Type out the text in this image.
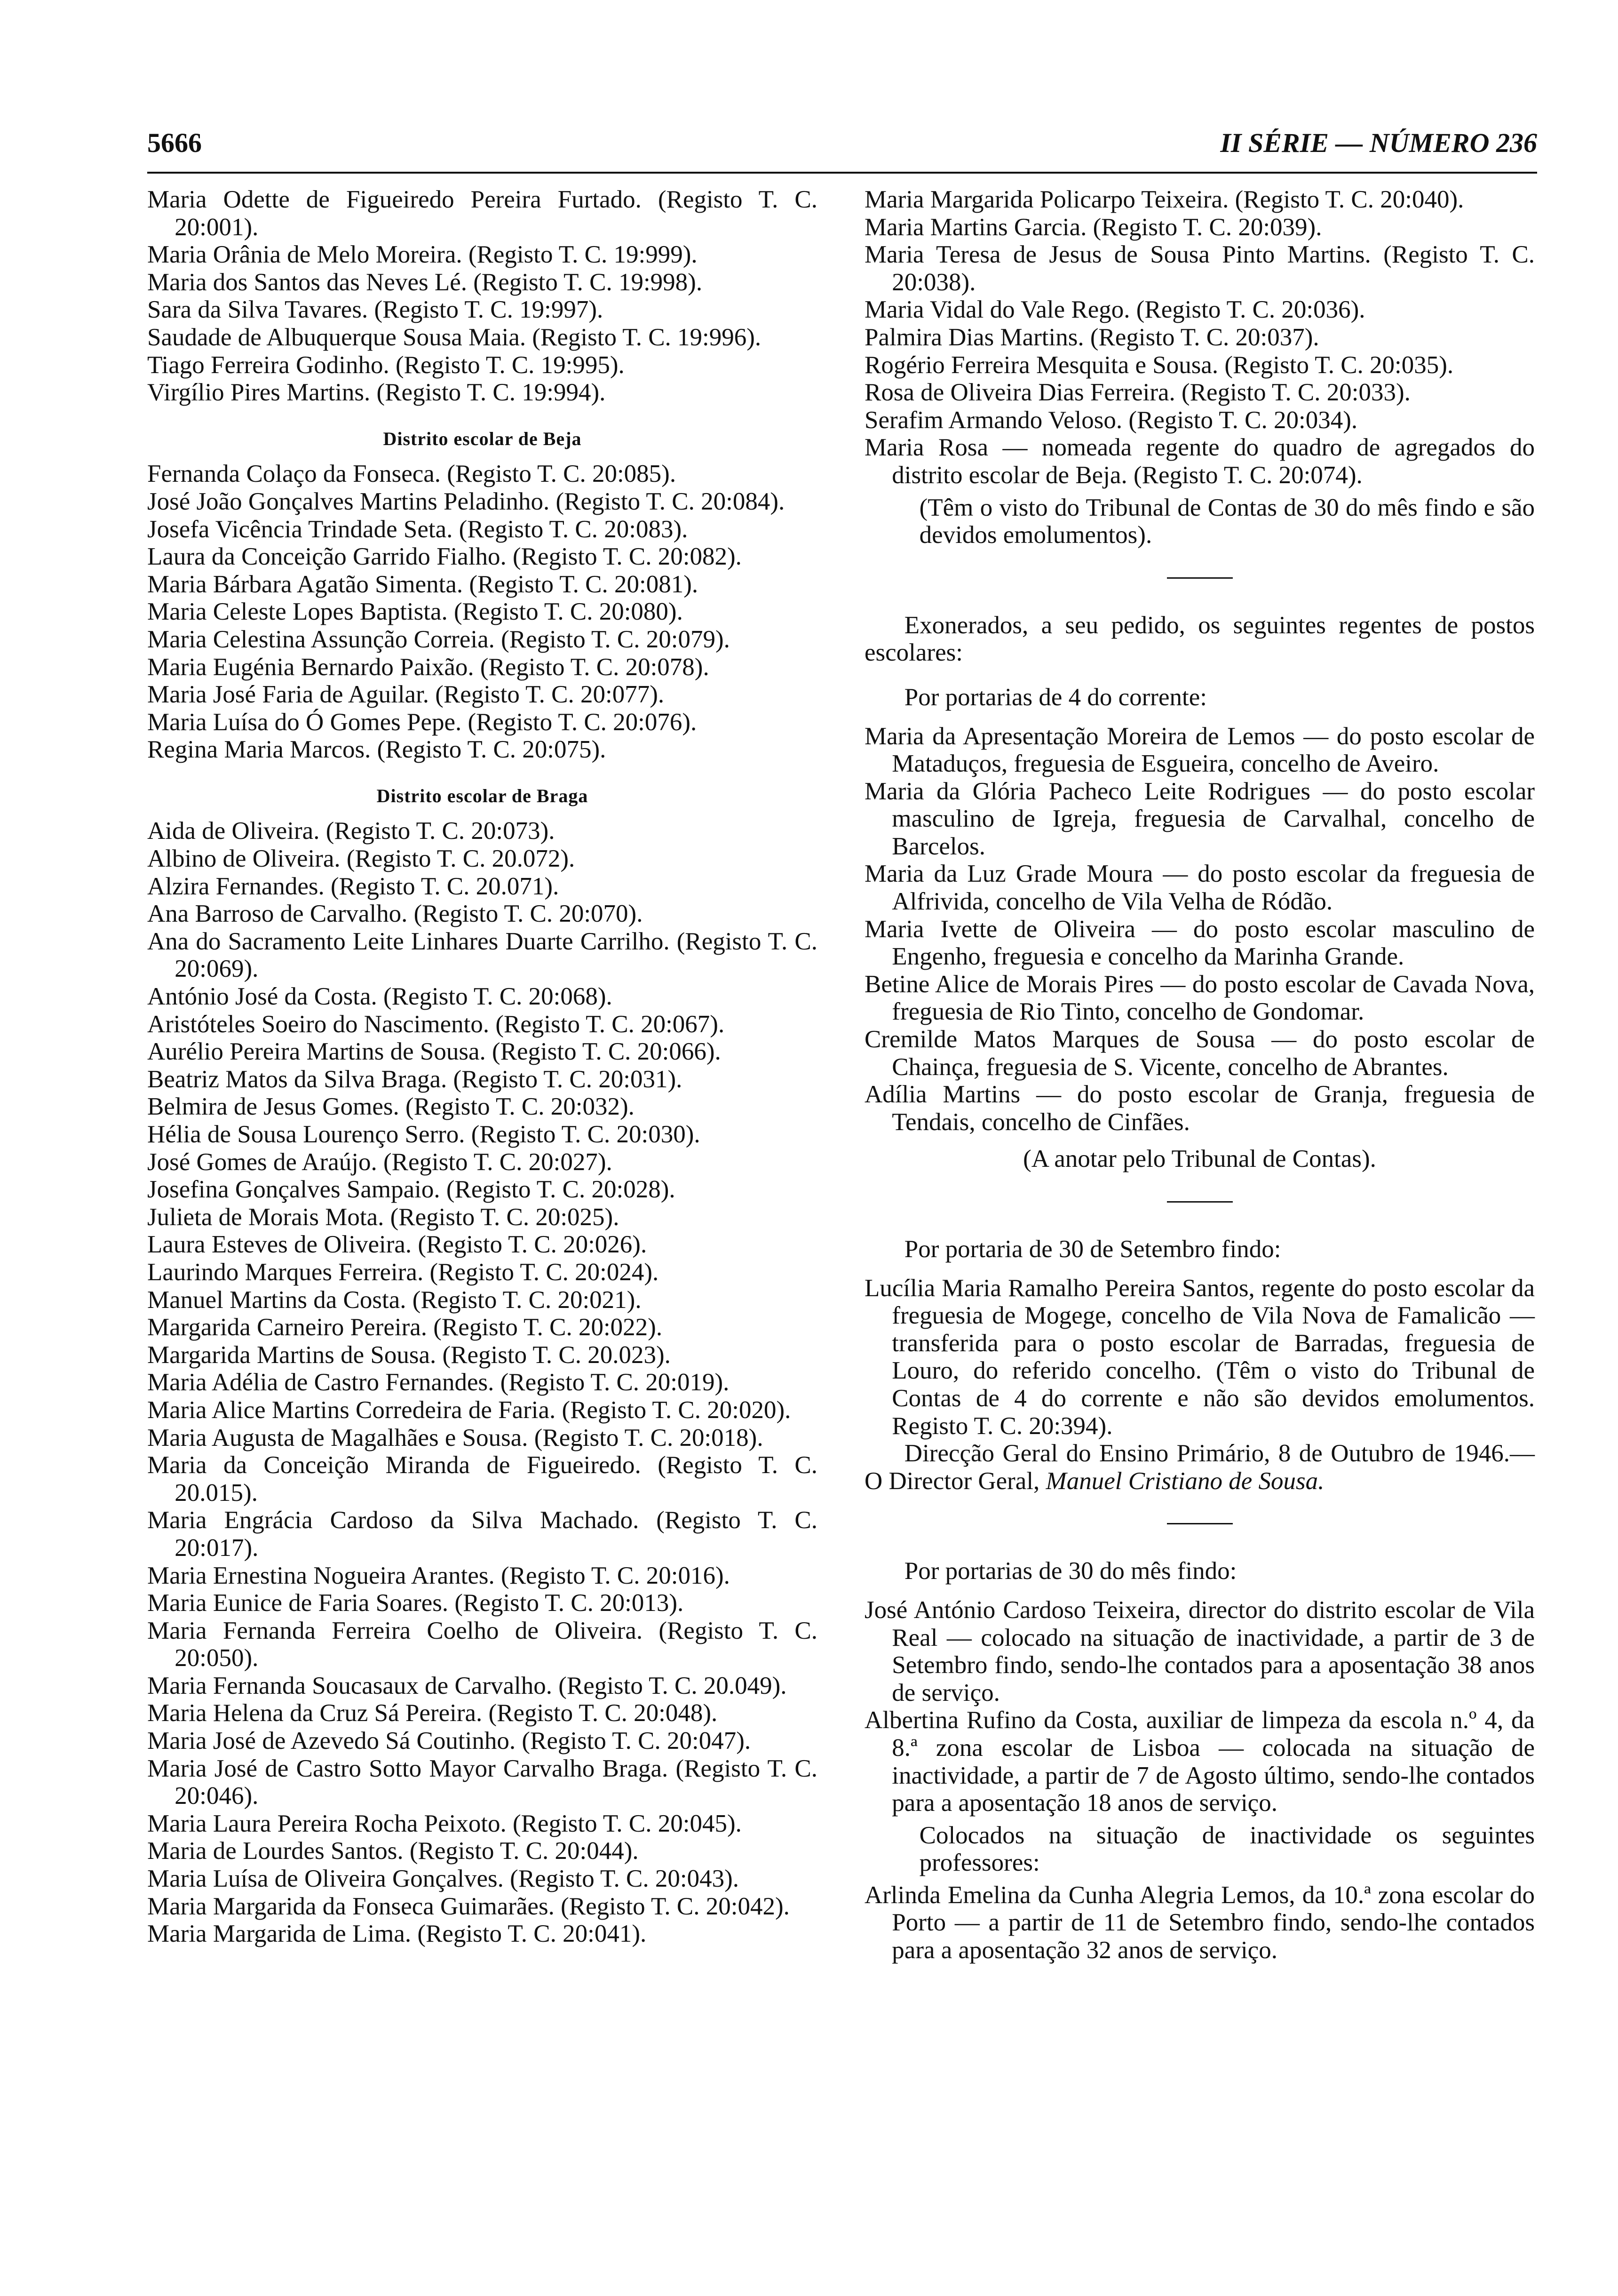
5666	II SÉRIE — NÚMERO 236

Maria Odette de Figueiredo Pereira Furtado. (Registo T. C. 20:001).

Maria Orânia de Melo Moreira. (Registo T. C. 19:999).

Maria dos Santos das Neves Lé. (Registo T. C. 19:998).

Sara da Silva Tavares. (Registo T. C. 19:997).

Saudade de Albuquerque Sousa Maia. (Registo T. C. 19:996).

Tiago Ferreira Godinho. (Registo T. C. 19:995).

Virgílio Pires Martins. (Registo T. C. 19:994).

Distrito escolar de Beja

Fernanda Colaço da Fonseca. (Registo T. C. 20:085).

José João Gonçalves Martins Peladinho. (Registo T. C. 20:084).

Josefa Vicência Trindade Seta. (Registo T. C. 20:083).

Laura da Conceição Garrido Fialho. (Registo T. C. 20:082).

Maria Bárbara Agatão Simenta. (Registo T. C. 20:081).

Maria Celeste Lopes Baptista. (Registo T. C. 20:080).

Maria Celestina Assunção Correia. (Registo T. C. 20:079).

Maria Eugénia Bernardo Paixão. (Registo T. C. 20:078).

Maria José Faria de Aguilar. (Registo T. C. 20:077).

Maria Luísa do Ó Gomes Pepe. (Registo T. C. 20:076).

Regina Maria Marcos. (Registo T. C. 20:075).

Distrito escolar de Braga

Aida de Oliveira. (Registo T. C. 20:073).

Albino de Oliveira. (Registo T. C. 20.072).

Alzira Fernandes. (Registo T. C. 20.071).

Ana Barroso de Carvalho. (Registo T. C. 20:070).

Ana do Sacramento Leite Linhares Duarte Carrilho. (Registo T. C. 20:069).

António José da Costa. (Registo T. C. 20:068).

Aristóteles Soeiro do Nascimento. (Registo T. C. 20:067).

Aurélio Pereira Martins de Sousa. (Registo T. C. 20:066).

Beatriz Matos da Silva Braga. (Registo T. C. 20:031).

Belmira de Jesus Gomes. (Registo T. C. 20:032).

Hélia de Sousa Lourenço Serro. (Registo T. C. 20:030).

José Gomes de Araújo. (Registo T. C. 20:027).

Josefina Gonçalves Sampaio. (Registo T. C. 20:028).

Julieta de Morais Mota. (Registo T. C. 20:025).

Laura Esteves de Oliveira. (Registo T. C. 20:026).

Laurindo Marques Ferreira. (Registo T. C. 20:024).

Manuel Martins da Costa. (Registo T. C. 20:021).

Margarida Carneiro Pereira. (Registo T. C. 20:022).

Margarida Martins de Sousa. (Registo T. C. 20.023).

Maria Adélia de Castro Fernandes. (Registo T. C. 20:019).

Maria Alice Martins Corredeira de Faria. (Registo T. C. 20:020).

Maria Augusta de Magalhães e Sousa. (Registo T. C. 20:018).

Maria da Conceição Miranda de Figueiredo. (Registo T. C. 20.015).

Maria Engrácia Cardoso da Silva Machado. (Registo T. C. 20:017).

Maria Ernestina Nogueira Arantes. (Registo T. C. 20:016).

Maria Eunice de Faria Soares. (Registo T. C. 20:013).

Maria Fernanda Ferreira Coelho de Oliveira. (Registo T. C. 20:050).

Maria Fernanda Soucasaux de Carvalho. (Registo T. C. 20.049).

Maria Helena da Cruz Sá Pereira. (Registo T. C. 20:048).

Maria José de Azevedo Sá Coutinho. (Registo T. C. 20:047).

Maria José de Castro Sotto Mayor Carvalho Braga. (Registo T. C. 20:046).

Maria Laura Pereira Rocha Peixoto. (Registo T. C. 20:045).

Maria de Lourdes Santos. (Registo T. C. 20:044).

Maria Luísa de Oliveira Gonçalves. (Registo T. C. 20:043).

Maria Margarida da Fonseca Guimarães. (Registo T. C. 20:042).

Maria Margarida de Lima. (Registo T. C. 20:041).

Maria Margarida Policarpo Teixeira. (Registo T. C. 20:040).

Maria Martins Garcia. (Registo T. C. 20:039).

Maria Teresa de Jesus de Sousa Pinto Martins. (Registo T. C. 20:038).

Maria Vidal do Vale Rego. (Registo T. C. 20:036).

Palmira Dias Martins. (Registo T. C. 20:037).

Rogério Ferreira Mesquita e Sousa. (Registo T. C. 20:035).

Rosa de Oliveira Dias Ferreira. (Registo T. C. 20:033).

Serafim Armando Veloso. (Registo T. C. 20:034).

Maria Rosa — nomeada regente do quadro de agregados do distrito escolar de Beja. (Registo T. C. 20:074).

(Têm o visto do Tribunal de Contas de 30 do mês findo e são devidos emolumentos).

Exonerados, a seu pedido, os seguintes regentes de postos escolares:

Por portarias de 4 do corrente:

Maria da Apresentação Moreira de Lemos — do posto escolar de Mataduços, freguesia de Esgueira, concelho de Aveiro.

Maria da Glória Pacheco Leite Rodrigues — do posto escolar masculino de Igreja, freguesia de Carvalhal, concelho de Barcelos.

Maria da Luz Grade Moura — do posto escolar da freguesia de Alfrivida, concelho de Vila Velha de Ródão.

Maria Ivette de Oliveira — do posto escolar masculino de Engenho, freguesia e concelho da Marinha Grande.

Betine Alice de Morais Pires — do posto escolar de Cavada Nova, freguesia de Rio Tinto, concelho de Gondomar.

Cremilde Matos Marques de Sousa — do posto escolar de Chainça, freguesia de S. Vicente, concelho de Abrantes.

Adília Martins — do posto escolar de Granja, freguesia de Tendais, concelho de Cinfães.

(A anotar pelo Tribunal de Contas).

Por portaria de 30 de Setembro findo:

Lucília Maria Ramalho Pereira Santos, regente do posto escolar da freguesia de Mogege, concelho de Vila Nova de Famalicão — transferida para o posto escolar de Barradas, freguesia de Louro, do referido concelho. (Têm o visto do Tribunal de Contas de 4 do corrente e não são devidos emolumentos. Registo T. C. 20:394).

Direcção Geral do Ensino Primário, 8 de Outubro de 1946.— O Director Geral, Manuel Cristiano de Sousa.

Por portarias de 30 do mês findo:

José António Cardoso Teixeira, director do distrito escolar de Vila Real — colocado na situação de inactividade, a partir de 3 de Setembro findo, sendo-lhe contados para a aposentação 38 anos de serviço.

Albertina Rufino da Costa, auxiliar de limpeza da escola n.º 4, da 8.ª zona escolar de Lisboa — colocada na situação de inactividade, a partir de 7 de Agosto último, sendo-lhe contados para a aposentação 18 anos de serviço.

Colocados na situação de inactividade os seguintes professores:

Arlinda Emelina da Cunha Alegria Lemos, da 10.ª zona escolar do Porto — a partir de 11 de Setembro findo, sendo-lhe contados para a aposentação 32 anos de serviço.
